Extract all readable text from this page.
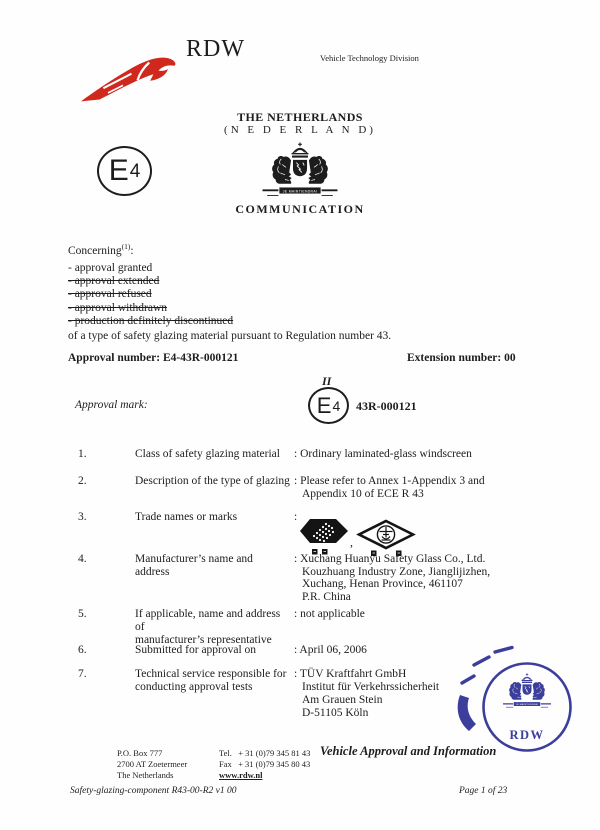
RDW	Vehicle Technology Division
THE NETHERLANDS
(N E D E R L A N D)
COMMUNICATION
E 4
Concerning$^{(1)}$:
- approval granted
- approval extended
- approval refused
- approval withdrawn
- production definitely discontinued
of a type of safety glazing material pursuant to Regulation number 43.
Approval number: E4-43R-000121	Extension number: 00
Approval mark:
II
E 4 43R-000121
1.	Class of safety glazing material	: Ordinary laminated-glass windscreen
2.	Description of the type of glazing : Please refer to Annex 1-Appendix 3 and
Appendix 10 of ECE R 43
3.	Trade names or marks	:
,
4.	Manufacturer’s name and address
: Xuchang Huanyu Safety Glass Co., Ltd.
Kouzhuang Industry Zone, Jianglijizhen,
Xuchang, Henan Province, 461107
P.R. China
5.	If applicable, name and address of
manufacturer’s representative
: not applicable
6.	Submitted for approval on	: April 06, 2006
7.	Technical service responsible for
conducting approval tests
: TÜV Kraftfahrt GmbH
Institut für Verkehrssicherheit
Am Grauen Stein
D-51105 Köln
RDW
P.O. Box 777
2700 AT Zoetermeer
The Netherlands
Tel.   + 31 (0)79 345 81 43
Fax   + 31 (0)79 345 80 43
www.rdw.nl
Vehicle Approval and Information
Safety-glazing-component R43-00-R2 v1 00	Page 1 of 23
